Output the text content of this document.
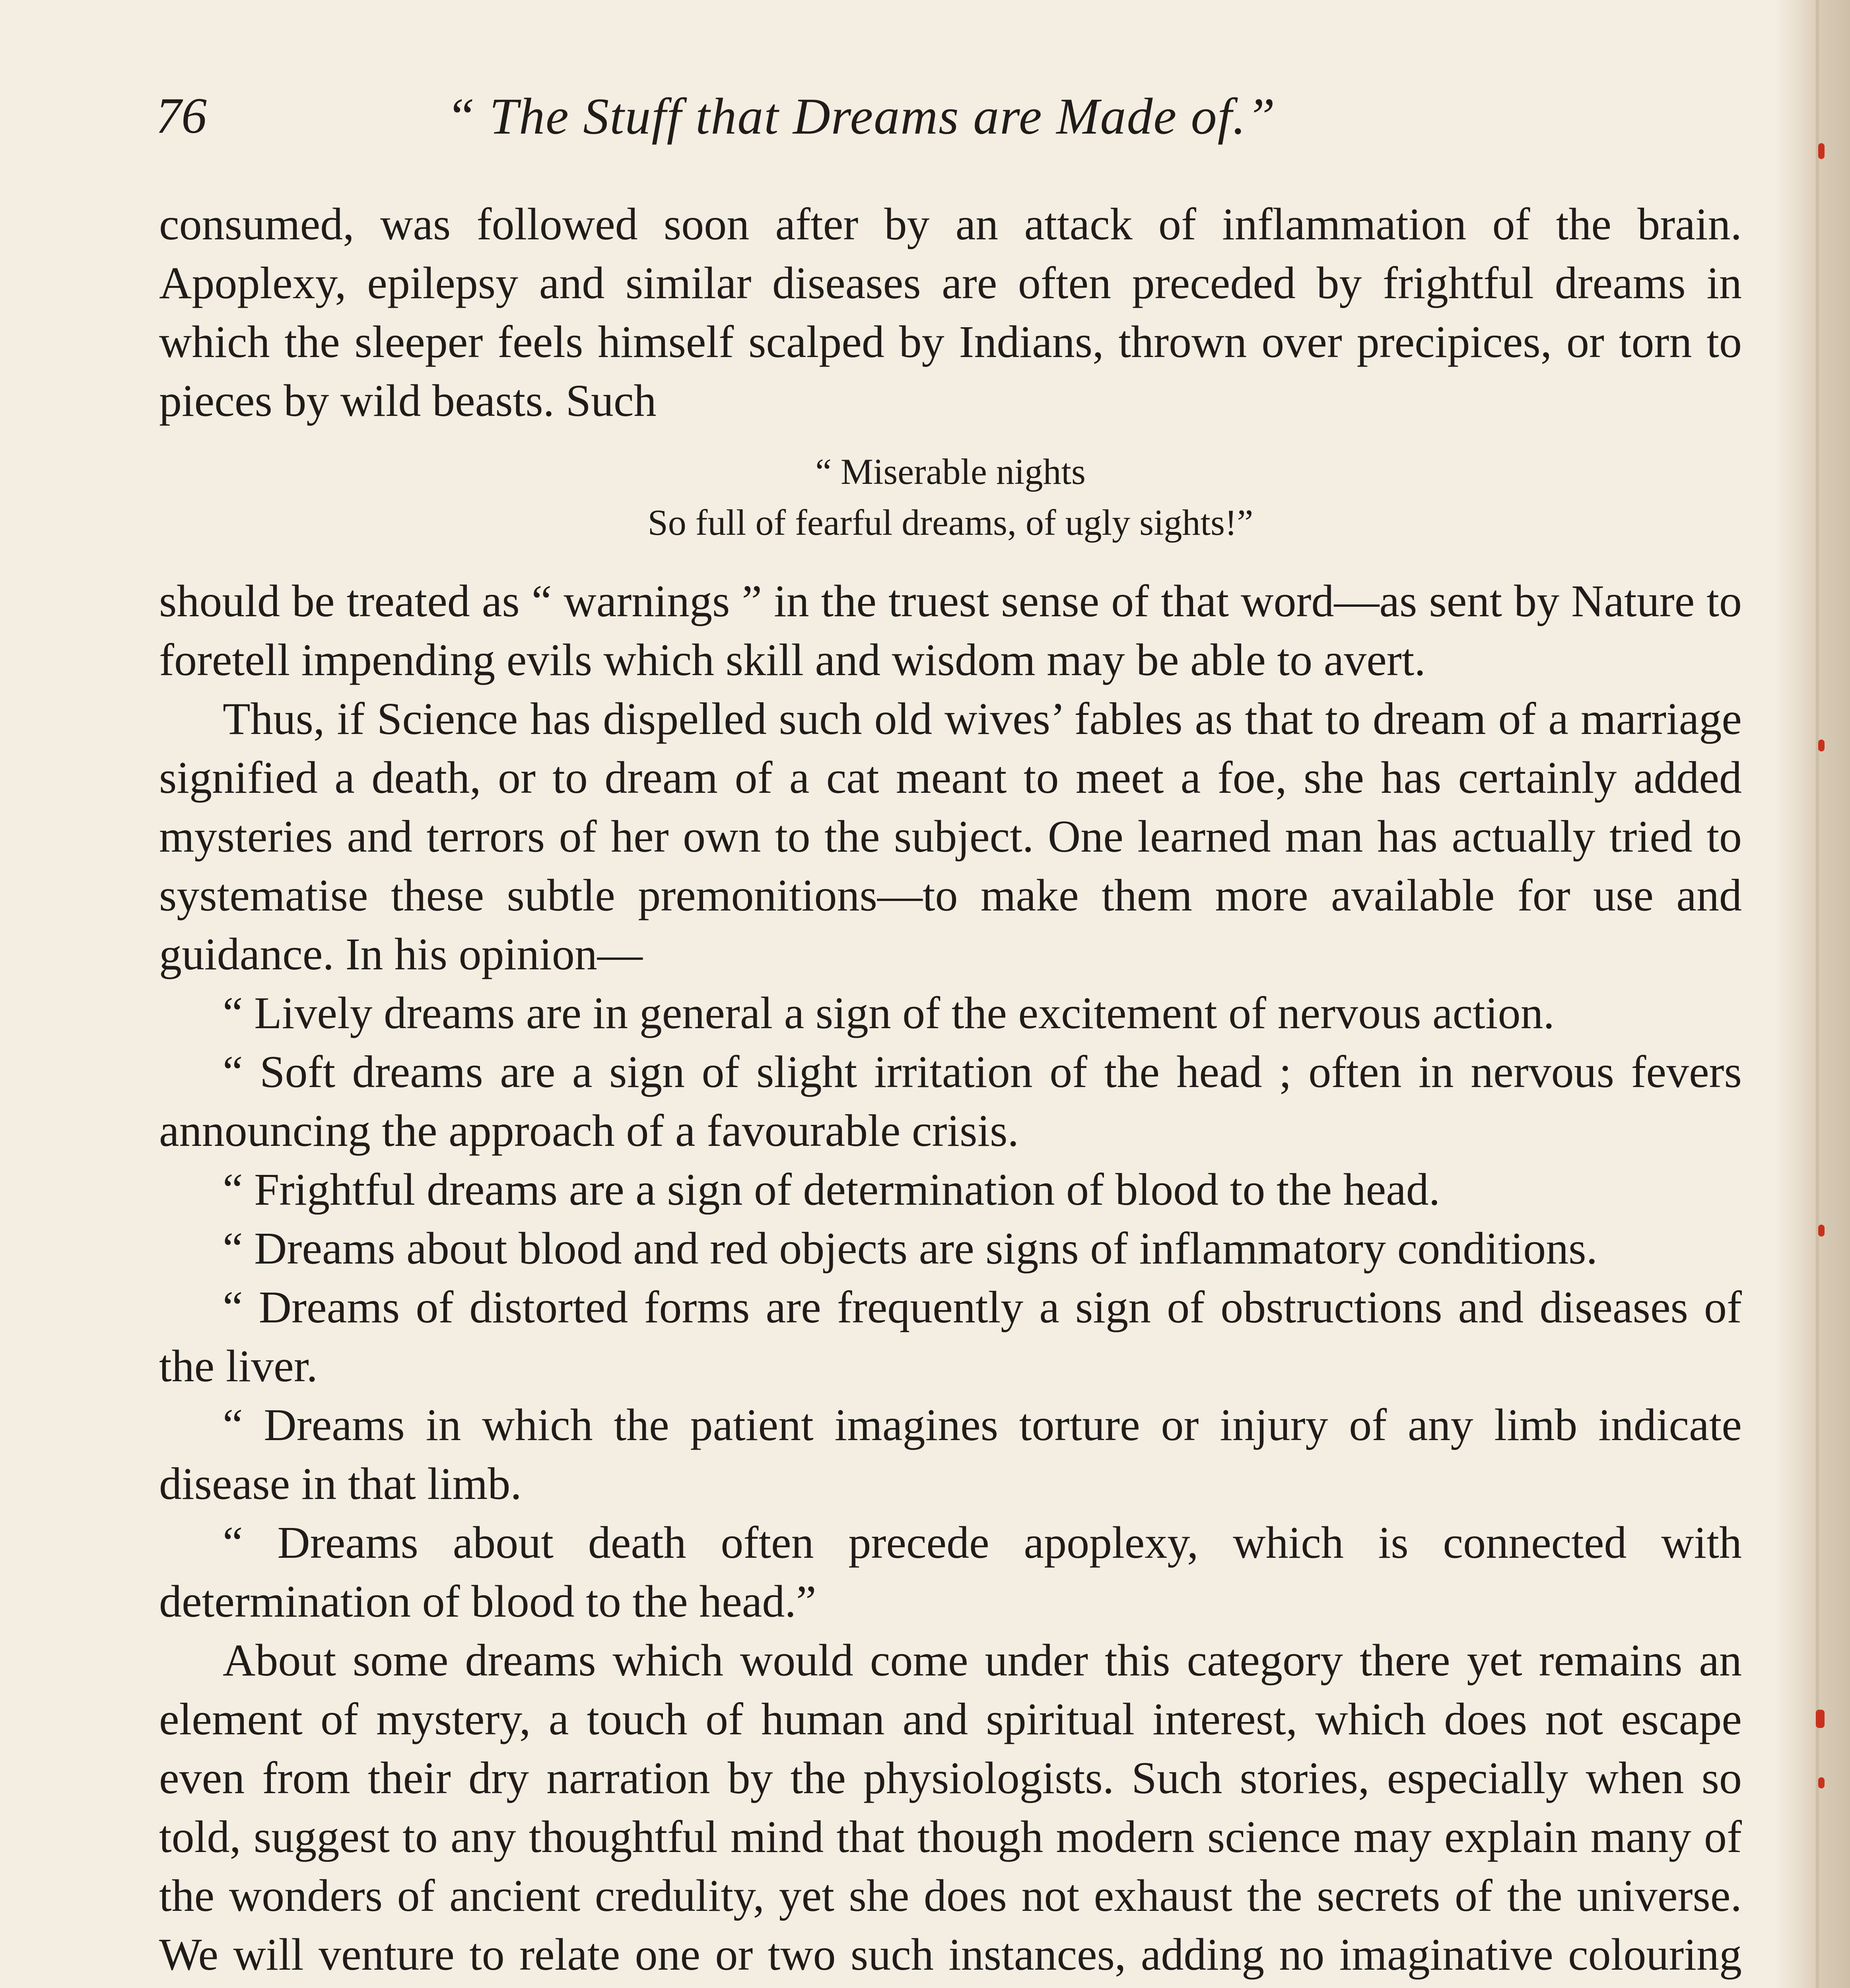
76	“ The Stuff that Dreams are Made of.”

consumed, was followed soon after by an attack of inflammation of the brain. Apoplexy, epilepsy and similar diseases are often preceded by frightful dreams in which the sleeper feels himself scalped by Indians, thrown over precipices, or torn to pieces by wild beasts. Such

“ Miserable nights
So full of fearful dreams, of ugly sights!”

should be treated as “ warnings ” in the truest sense of that word—as sent by Nature to foretell impending evils which skill and wisdom may be able to avert.

Thus, if Science has dispelled such old wives’ fables as that to dream of a marriage signified a death, or to dream of a cat meant to meet a foe, she has certainly added mysteries and terrors of her own to the subject. One learned man has actually tried to systematise these subtle premonitions—to make them more available for use and guidance. In his opinion—

“ Lively dreams are in general a sign of the excitement of nervous action.

“ Soft dreams are a sign of slight irritation of the head ; often in nervous fevers announcing the approach of a favourable crisis.

“ Frightful dreams are a sign of determination of blood to the head.

“ Dreams about blood and red objects are signs of inflammatory conditions.

“ Dreams of distorted forms are frequently a sign of obstructions and diseases of the liver.

“ Dreams in which the patient imagines torture or injury of any limb indicate disease in that limb.

“ Dreams about death often precede apoplexy, which is connected with determination of blood to the head.”

About some dreams which would come under this category there yet remains an element of mystery, a touch of human and spiritual interest, which does not escape even from their dry narration by the physiologists. Such stories, especially when so told, suggest to any thoughtful mind that though modern science may explain many of the wonders of ancient credulity, yet she does not exhaust the secrets of the universe. We will venture to relate one or two such instances, adding no imaginative colouring
